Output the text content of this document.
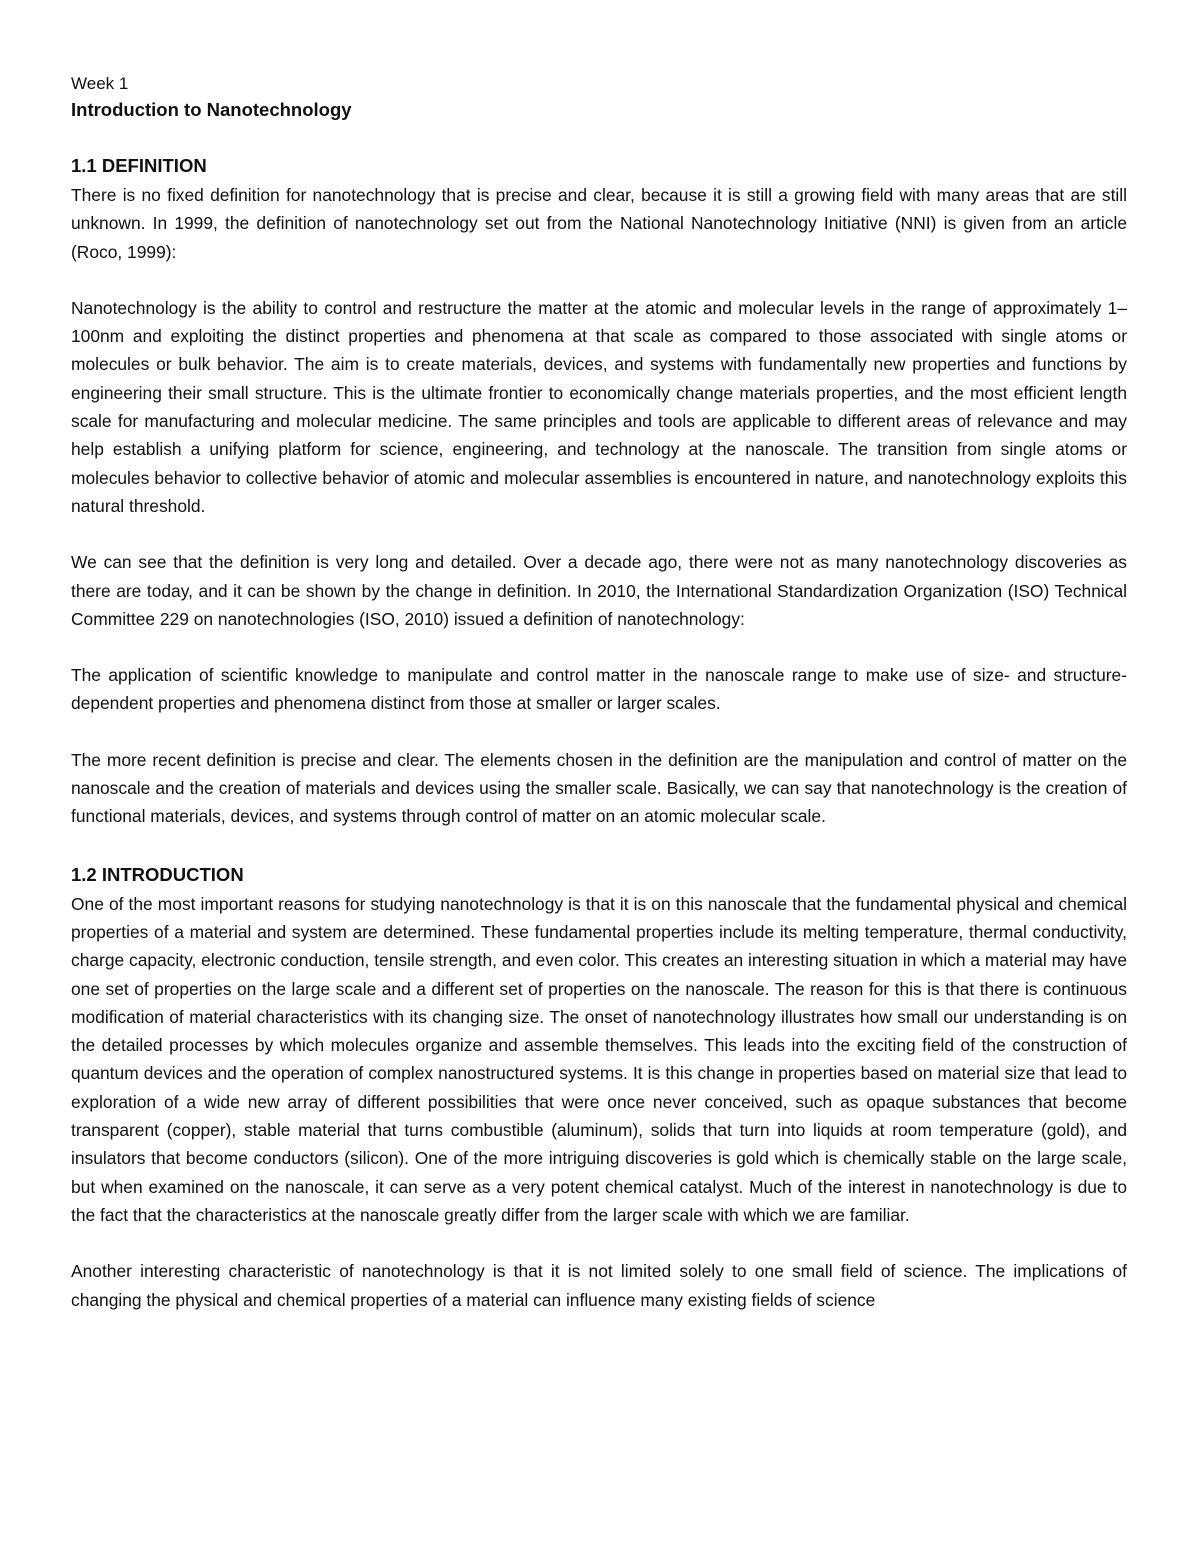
Week 1

Introduction to Nanotechnology
1.1 DEFINITION

There is no fixed definition for nanotechnology that is precise and clear, because it is still a growing field with many areas that are still unknown. In 1999, the definition of nanotechnology set out from the National Nanotechnology Initiative (NNI) is given from an article (Roco, 1999):

Nanotechnology is the ability to control and restructure the matter at the atomic and molecular levels in the range of approximately 1–100nm and exploiting the distinct properties and phenomena at that scale as compared to those associated with single atoms or molecules or bulk behavior. The aim is to create materials, devices, and systems with fundamentally new properties and functions by engineering their small structure. This is the ultimate frontier to economically change materials properties, and the most efficient length scale for manufacturing and molecular medicine. The same principles and tools are applicable to different areas of relevance and may help establish a unifying platform for science, engineering, and technology at the nanoscale. The transition from single atoms or molecules behavior to collective behavior of atomic and molecular assemblies is encountered in nature, and nanotechnology exploits this natural threshold.

We can see that the definition is very long and detailed. Over a decade ago, there were not as many nanotechnology discoveries as there are today, and it can be shown by the change in definition. In 2010, the International Standardization Organization (ISO) Technical Committee 229 on nanotechnologies (ISO, 2010) issued a definition of nanotechnology:

The application of scientific knowledge to manipulate and control matter in the nanoscale range to make use of size- and structure-dependent properties and phenomena distinct from those at smaller or larger scales.

The more recent definition is precise and clear. The elements chosen in the definition are the manipulation and control of matter on the nanoscale and the creation of materials and devices using the smaller scale. Basically, we can say that nanotechnology is the creation of functional materials, devices, and systems through control of matter on an atomic molecular scale.

1.2 INTRODUCTION

One of the most important reasons for studying nanotechnology is that it is on this nanoscale that the fundamental physical and chemical properties of a material and system are determined. These fundamental properties include its melting temperature, thermal conductivity, charge capacity, electronic conduction, tensile strength, and even color. This creates an interesting situation in which a material may have one set of properties on the large scale and a different set of properties on the nanoscale. The reason for this is that there is continuous modification of material characteristics with its changing size. The onset of nanotechnology illustrates how small our understanding is on the detailed processes by which molecules organize and assemble themselves. This leads into the exciting field of the construction of quantum devices and the operation of complex nanostructured systems. It is this change in properties based on material size that lead to exploration of a wide new array of different possibilities that were once never conceived, such as opaque substances that become transparent (copper), stable material that turns combustible (aluminum), solids that turn into liquids at room temperature (gold), and insulators that become conductors (silicon). One of the more intriguing discoveries is gold which is chemically stable on the large scale, but when examined on the nanoscale, it can serve as a very potent chemical catalyst. Much of the interest in nanotechnology is due to the fact that the characteristics at the nanoscale greatly differ from the larger scale with which we are familiar.

Another interesting characteristic of nanotechnology is that it is not limited solely to one small field of science. The implications of changing the physical and chemical properties of a material can influence many existing fields of science
